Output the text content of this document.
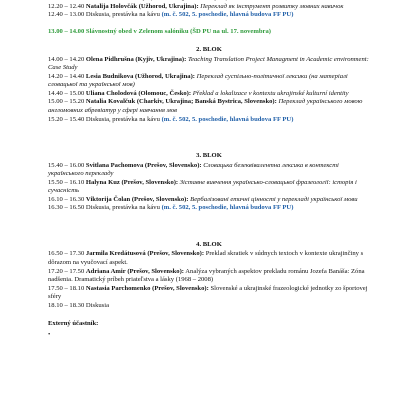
12.20 – 12.40 Natalija Holovčák (Užhorod, Ukrajina): Переклад як інструмент розвитку мовних навичок
12.40 – 13.00 Diskusia, prestávka na kávu (m. č. 502, 5. poschodie, hlavná budova FF PU)
13.00 – 14.00 Slávnostný obed v Zelenom salóniku (ŠD PU na ul. 17. novembra)
2. BLOK
14.00 – 14.20 Olena Pidhrušna (Kyjiv, Ukrajina): Teaching Translation Project Managment in Academic environment: Case Study
14.20 – 14.40 Lesia Budnikova (Užhorod, Ukrajina): Переклад суспільно-політичної лексики (на матеріалі словацької та української мов)
14.40 – 15.00 Uliana Cholodová (Olomouc, Česko): Překlad a lokalizace v kontextu ukrajinské kulturní identity
15.00 – 15.20 Natalia Kovalčuk (Charkiv, Ukrajina; Banská Bystrica, Slovensko): Переклад українського мовою англомовних абревіатур у сфері навчання мов
15.20 – 15.40 Diskusia, prestávka na kávu (m. č. 502, 5. poschodie, hlavná budova FF PU)
3. BLOK
15.40 – 16.00 Svitlana Pachomova (Prešov, Slovensko): Словацька безеквівалентна лексика в контексті українського перекладу
15.50 – 16.10 Halyna Kuz (Prešov, Slovensko): Зіставне вивчення українсько-словацької фразеології: історія і сучасність
16.10 – 16.30 Viktorija Čolan (Prešov, Slovensko): Вербалізовані етичні цінності у перекладі української мови
16.30 – 16.50 Diskusia, prestávka na kávu (m. č. 502, 5. poschodie, hlavná budova FF PU)
4. BLOK
16.50 – 17.30 Jarmila Kredátusová (Prešov, Slovensko): Preklad skratiek v súdnych textoch v kontexte ukrajinčiny s dôrazom na vyučovací aspekt.
17.20 – 17.50 Adriana Amir (Prešov, Slovensko): Analýza vybraných aspektov prekladu románu Jozefa Banáša: Zóna nadšenia. Dramatický príbeh priateľstva a lásky (1968 – 2008)
17.50 – 18.10 Nastasia Parchomenko (Prešov, Slovensko): Slovenské a ukrajinské frazeologické jednotky zo športovej sféry
18.10 – 18.30 Diskusia
Externý účastník:
•
